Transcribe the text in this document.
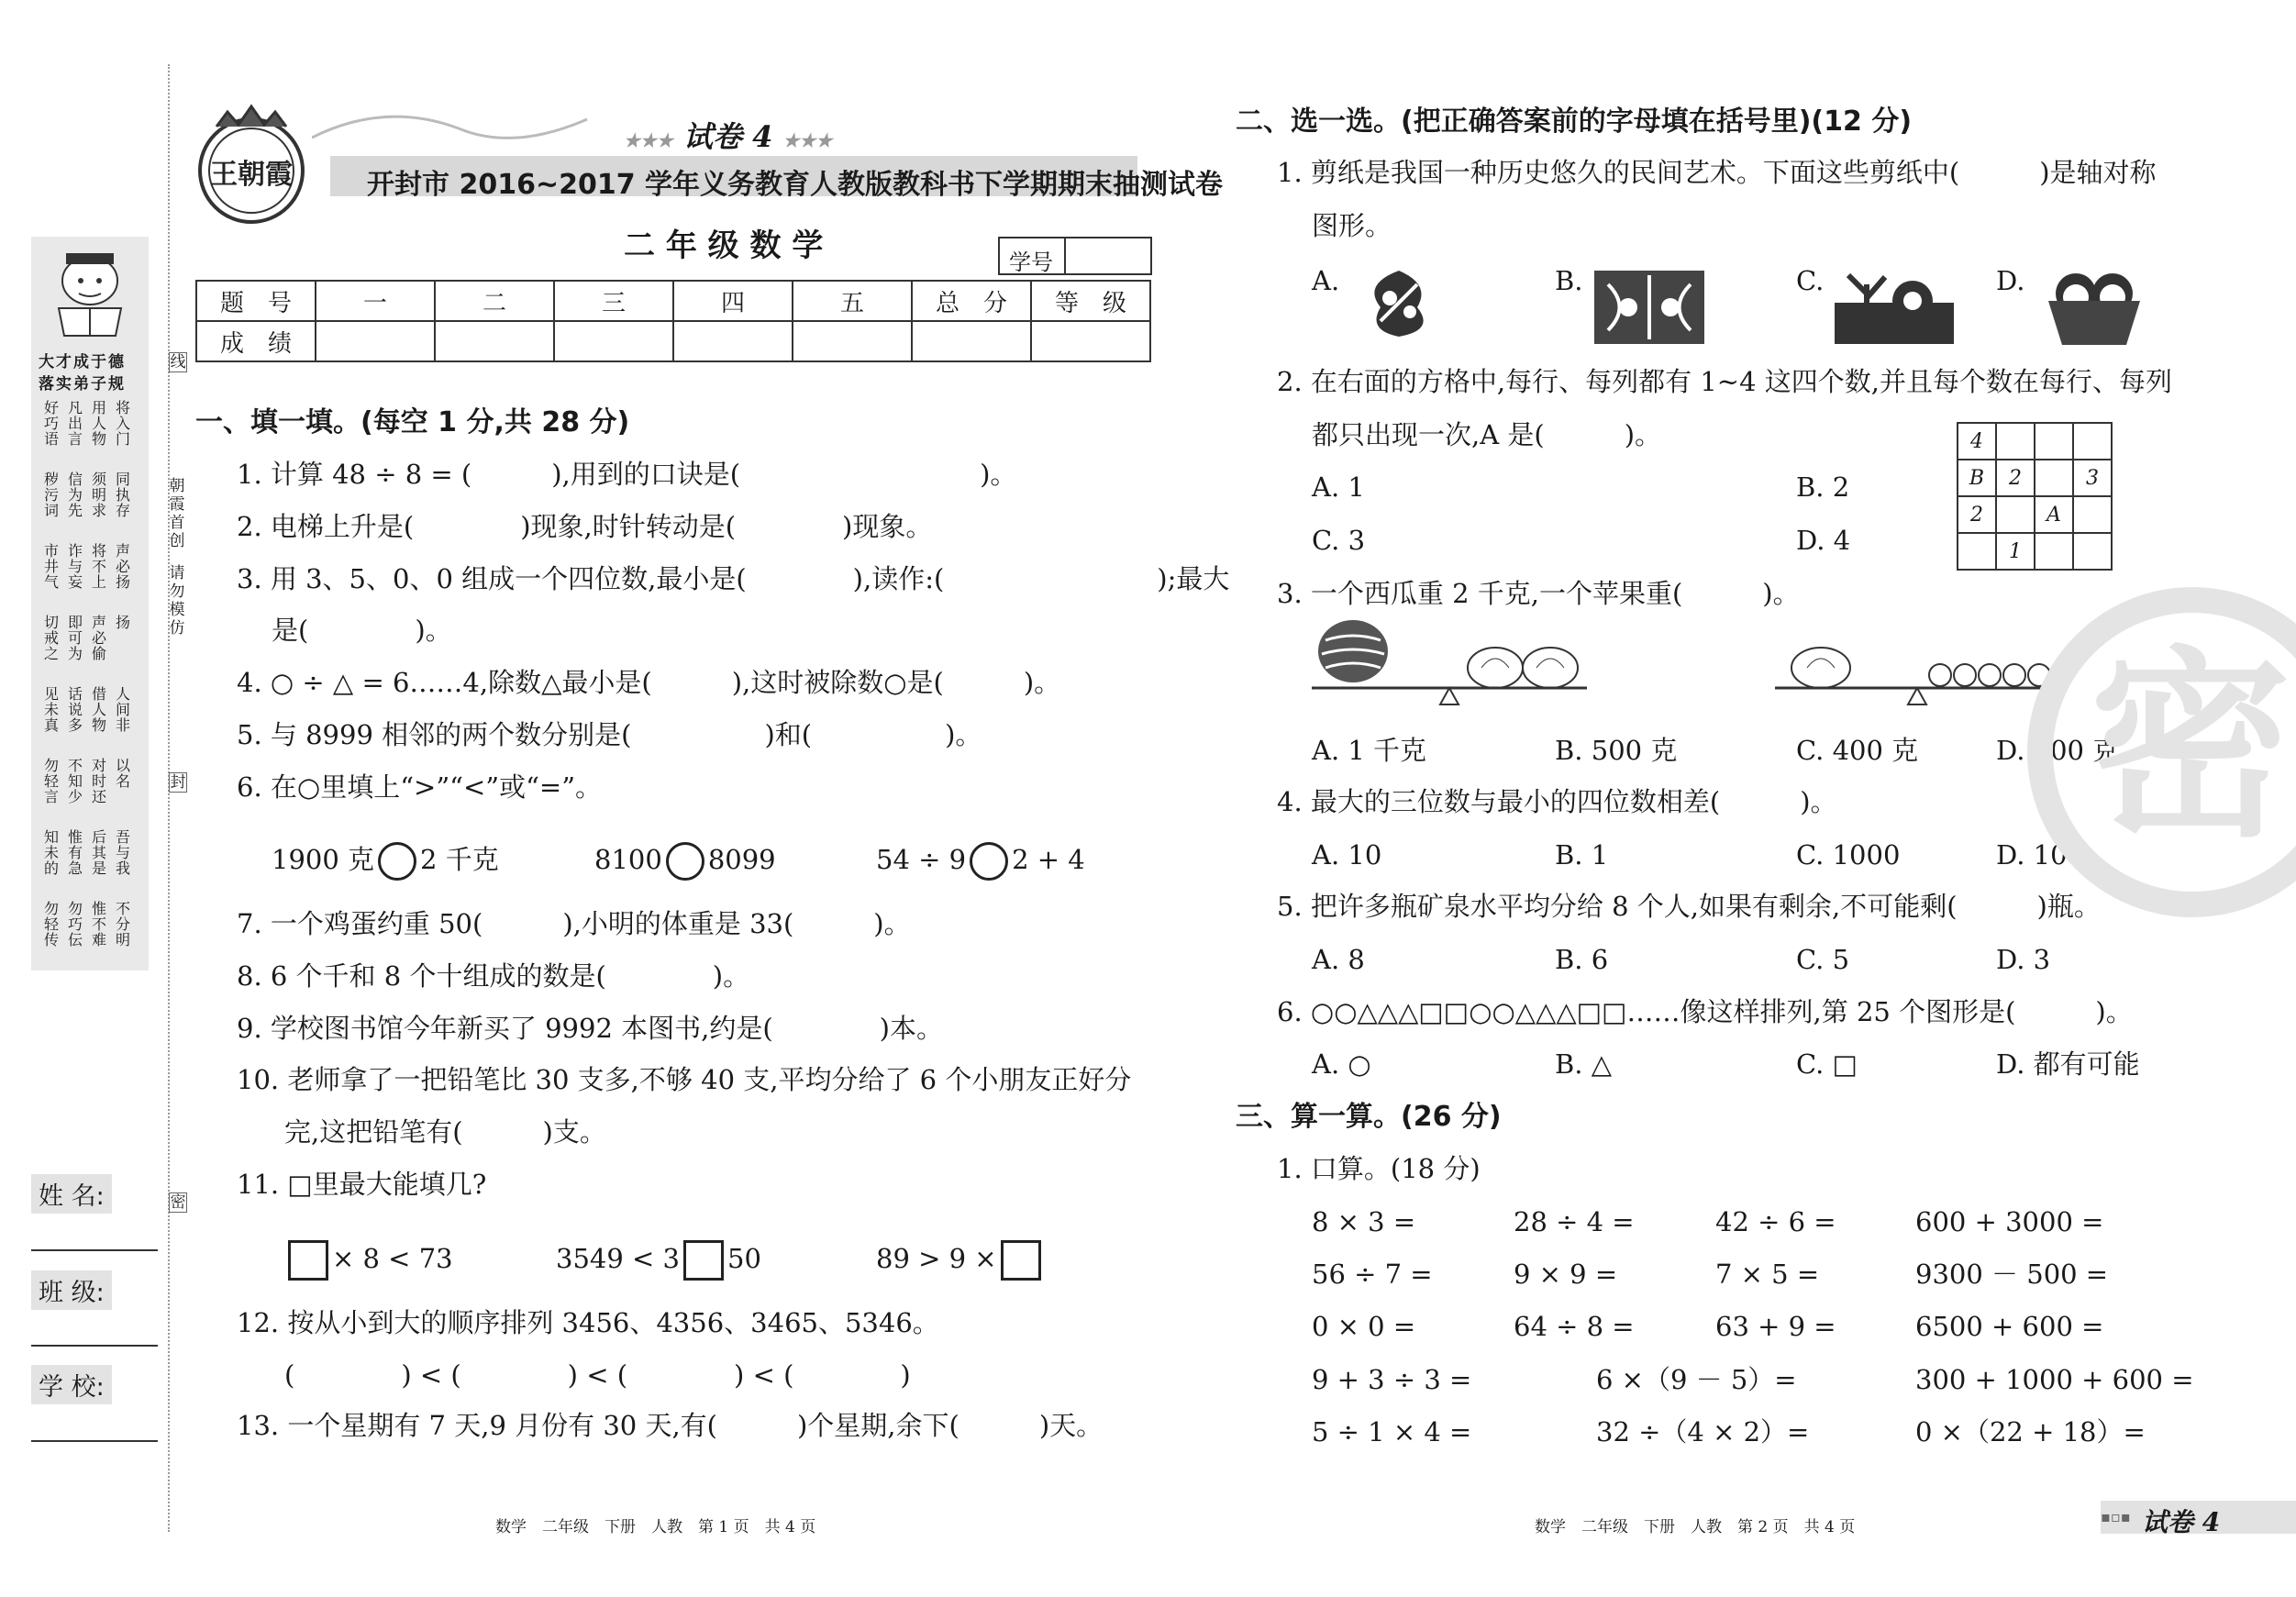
大才成于德
落实弟子规
好巧语
凡出言
用人物
将入门
秽污词
信为先
须明求
同执存
市井气
诈与妄
将不上
声必扬
切戒之
即可为
声必偷
扬
见未真
话说多
借人物
人间非
勿轻言
不知少
对时还
以名
知未的
惟有急
后其是
吾与我
勿轻传
勿巧伝
惟不难
不分明
朝霞首创
请勿模仿
线
封
密
姓 名:
班 级:
学 校:
王朝霞
★★★ 试卷 4 ★★★
开封市 2016~2017 学年义务教育人教版教科书下学期期末抽测试卷
二 年 级 数 学	学号
题　号	一	二	三	四	五	总　分	等　级
成　绩							
一、填一填。(每空 1 分,共 28 分)
1. 计算 48 ÷ 8 = (　　　),用到的口诀是(　　　　　　　　　)。
2. 电梯上升是(　　　　)现象,时针转动是(　　　　)现象。
3. 用 3、5、0、0 组成一个四位数,最小是(　　　　),读作:(　　　　　　　　);最大
是(　　　　)。
4. ○ ÷ △ = 6……4,除数△最小是(　　　),这时被除数○是(　　　)。
5. 与 8999 相邻的两个数分别是(　　　　　)和(　　　　　)。
6. 在○里填上“>”“<”或“=”。
1900 克 2 千克	8100 8099	54 ÷ 9 2 + 4
7. 一个鸡蛋约重 50(　　　),小明的体重是 33(　　　)。
8. 6 个千和 8 个十组成的数是(　　　　)。
9. 学校图书馆今年新买了 9992 本图书,约是(　　　　)本。
10. 老师拿了一把铅笔比 30 支多,不够 40 支,平均分给了 6 个小朋友正好分
完,这把铅笔有(　　　)支。
11. □里最大能填几?
× 8 < 73	3549 < 3 50	89 > 9 ×
12. 按从小到大的顺序排列 3456、4356、3465、5346。
(　　　　) < (　　　　) < (　　　　) < (　　　　)
13. 一个星期有 7 天,9 月份有 30 天,有(　　　)个星期,余下(　　　)天。
数学　二年级　下册　人教　第 1 页　共 4 页
二、选一选。(把正确答案前的字母填在括号里)(12 分)
1. 剪纸是我国一种历史悠久的民间艺术。下面这些剪纸中(　　　)是轴对称
图形。
A.	B.	C.	D.
2. 在右面的方格中,每行、每列都有 1~4 这四个数,并且每个数在每行、每列
都只出现一次,A 是(　　　)。
A. 1	B. 2
C. 3	D. 4
4			
B	2		3
2		A	
	1		
3. 一个西瓜重 2 千克,一个苹果重(　　　)。
A. 1 千克	B. 500 克	C. 400 克	D. 200 克
4. 最大的三位数与最小的四位数相差(　　　)。
A. 10	B. 1	C. 1000	D. 100
5. 把许多瓶矿泉水平均分给 8 个人,如果有剩余,不可能剩(　　　)瓶。
A. 8	B. 6	C. 5	D. 3
6. ○○△△△□□○○△△△□□……像这样排列,第 25 个图形是(　　　)。
A. ○	B. △	C. □	D. 都有可能
三、算一算。(26 分)
1. 口算。(18 分)
8 × 3 =	28 ÷ 4 =	42 ÷ 6 =	600 + 3000 =
56 ÷ 7 =	9 × 9 =	7 × 5 =	9300 － 500 =
0 × 0 =	64 ÷ 8 =	63 + 9 =	6500 + 600 =
9 + 3 ÷ 3 =	6 ×（9 － 5）=	300 + 1000 + 600 =
5 ÷ 1 × 4 =	32 ÷（4 × 2）=	0 ×（22 + 18）=
密
数学　二年级　下册　人教　第 2 页　共 4 页
▪▫▪ 试卷 4
